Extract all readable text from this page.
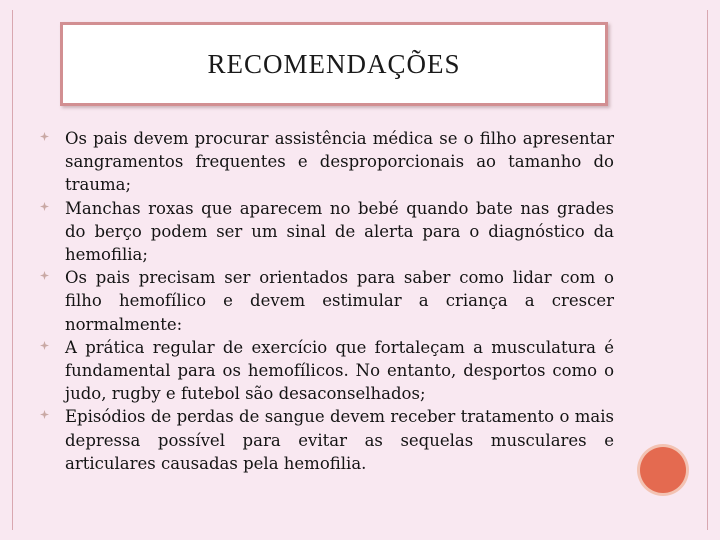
RECOMENDAÇÕES
Os pais devem procurar assistência médica se o filho apresentar sangramentos frequentes e desproporcionais ao tamanho do trauma;
Manchas roxas que aparecem no bebé quando bate nas grades do berço podem ser um sinal de alerta para o diagnóstico da hemofilia;
Os pais precisam ser orientados para saber como lidar com o filho hemofílico e devem estimular a criança a crescer normalmente:
A prática regular de exercício que fortaleçam a musculatura é fundamental para os hemofílicos. No entanto, desportos como o judo, rugby e futebol são desaconselhados;
Episódios de perdas de sangue devem receber tratamento o mais depressa possível para evitar as sequelas musculares e articulares causadas pela hemofilia.
